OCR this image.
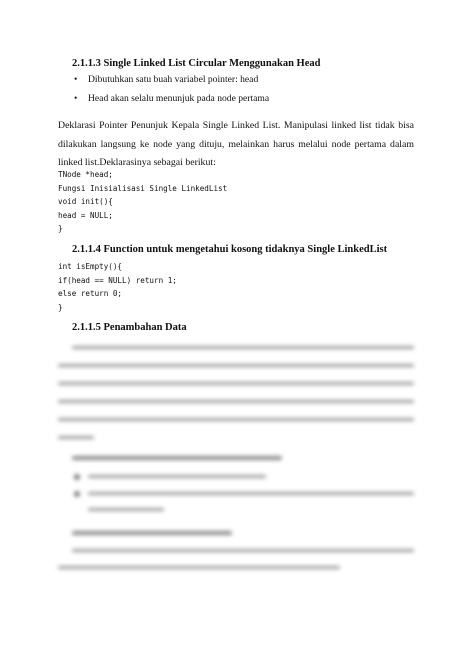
2.1.1.3 Single Linked List Circular Menggunakan Head
• Dibutuhkan satu buah variabel pointer: head
• Head akan selalu menunjuk pada node pertama
Deklarasi Pointer Penunjuk Kepala Single Linked List. Manipulasi linked list tidak bisa dilakukan langsung ke node yang dituju, melainkan harus melalui node pertama dalam linked list.Deklarasinya sebagai berikut:
TNode *head;
Fungsi Inisialisasi Single LinkedList
void init(){
head = NULL;
}
2.1.1.4 Function untuk mengetahui kosong tidaknya Single LinkedList
int isEmpty(){
if(head == NULL) return 1;
else return 0;
}
2.1.1.5 Penambahan Data
